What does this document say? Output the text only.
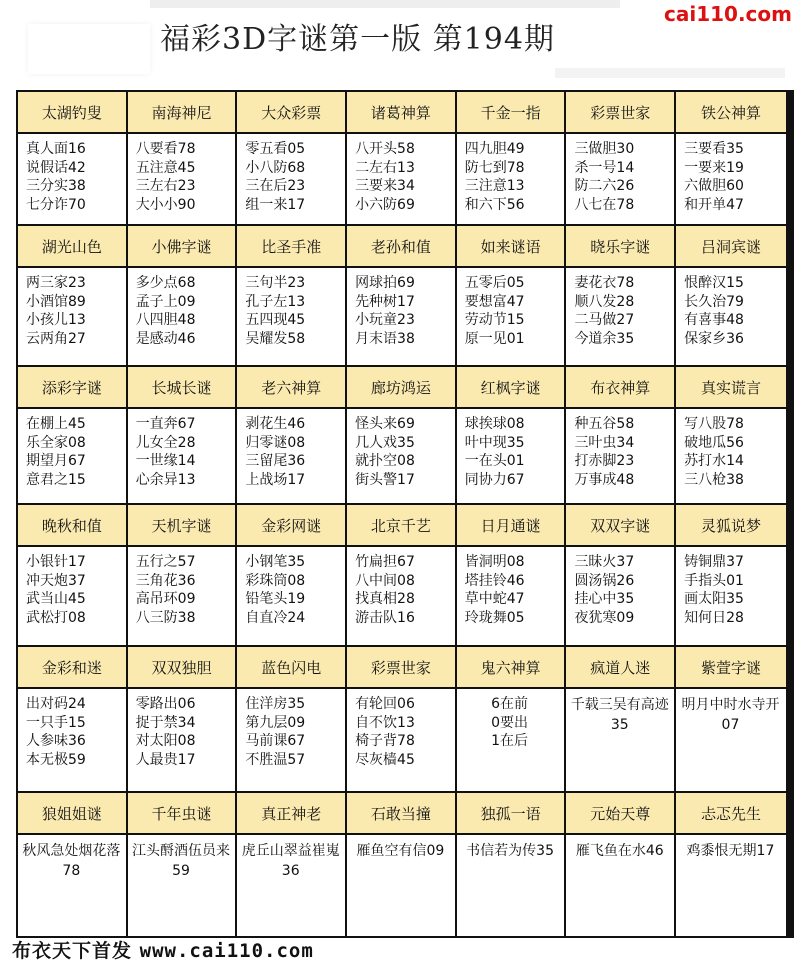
福彩3D字谜第一版 第194期
cai110.com
太湖钓叟
真人面16
说假话42
三分实38
七分诈70
南海神尼
八要看78
五注意45
三左右23
大小小90
大众彩票
零五看05
小八防68
三在后23
组一来17
诸葛神算
八开头58
二左右13
三要来34
小六防69
千金一指
四九胆49
防七到78
三注意13
和六下56
彩票世家
三做胆30
杀一号14
防二六26
八七在78
铁公神算
三要看35
一要来19
六做胆60
和开单47
湖光山色
两三家23
小酒馆89
小孩儿13
云两角27
小佛字谜
多少点68
孟子上09
八四胆48
是感动46
比圣手准
三句半23
孔子左13
五四现45
吴耀发58
老孙和值
网球拍69
先种树17
小玩童23
月末语38
如来谜语
五零后05
要想富47
劳动节15
原一见01
晓乐字谜
妻花衣78
顺八发28
二马做27
今道余35
吕洞宾谜
恨醉汉15
长久治79
有喜事48
保家乡36
添彩字谜
在棚上45
乐全家08
期望月67
意君之15
长城长谜
一直奔67
儿女全28
一世缘14
心余异13
老六神算
剥花生46
归零谜08
三留尾36
上战场17
廊坊鸿运
怪头来69
几人戏35
就扑空08
街头警17
红枫字谜
球挨球08
叶中现35
一在头01
同协力67
布衣神算
种五谷58
三叶虫34
打赤脚23
万事成48
真实谎言
写八股78
破地瓜56
苏打水14
三八枪38
晚秋和值
小银针17
冲天炮37
武当山45
武松打08
天机字谜
五行之57
三角花36
高吊环09
八三防38
金彩网谜
小钢笔35
彩珠筒08
铅笔头19
自直冷24
北京千艺
竹扁担67
八中间08
找真相28
游击队16
日月通谜
皆洞明08
塔挂铃46
草中蛇47
玲珑舞05
双双字谜
三昧火37
圆汤锅26
挂心中35
夜犹寒09
灵狐说梦
铸铜鼎37
手指头01
画太阳35
知何日28
金彩和迷
出对码24
一只手15
人参味36
本无极59
双双独胆
零路出06
捉于禁34
对太阳08
人最贵17
蓝色闪电
住洋房35
第九层09
马前课67
不胜温57
彩票世家
有轮回06
自不饮13
椅子背78
尽灰樯45
鬼六神算
6在前
0要出
1在后
疯道人迷
千载三吴有高迹35
紫萱字谜
明月中时水寺开07
狼姐姐谜
秋风急处烟花落78
千年虫谜
江头酹酒伍员来59
真正神老
虎丘山翠益崔嵬36
石敢当撞
雁鱼空有信09
独孤一语
书信若为传35
元始天尊
雁飞鱼在水46
忐忑先生
鸡黍恨无期17
布衣天下首发 www.cai110.com
